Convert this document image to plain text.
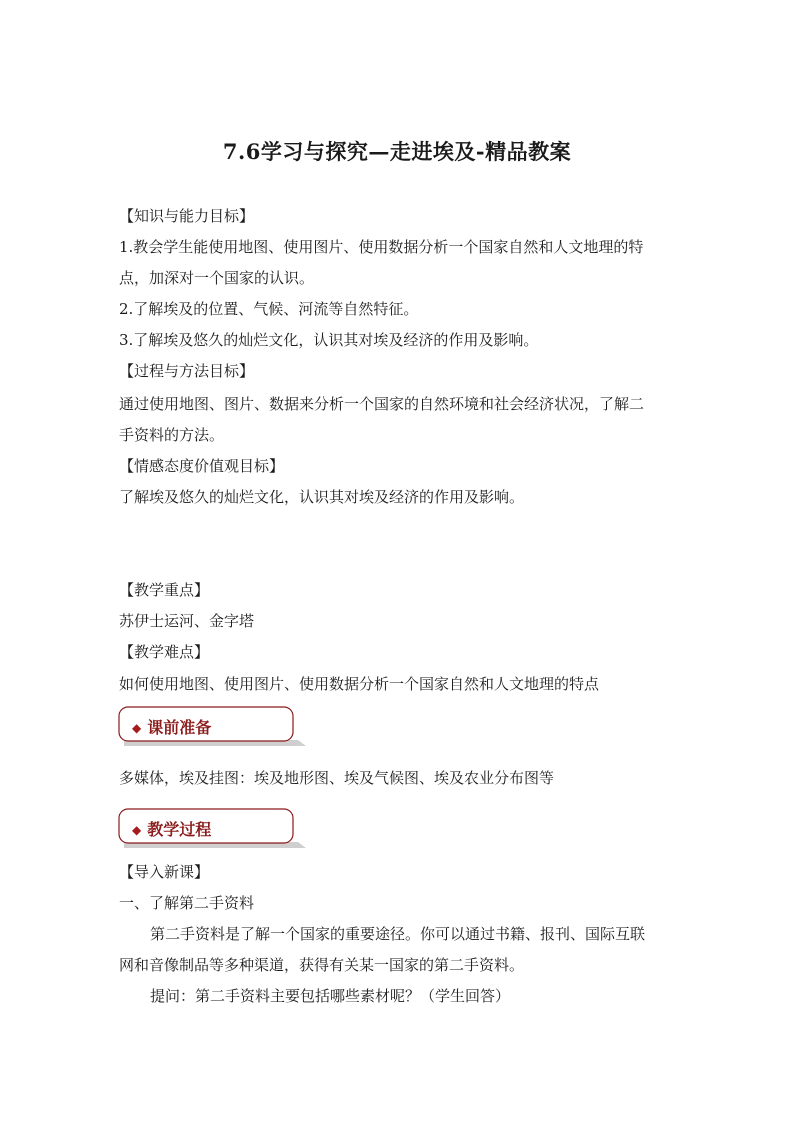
7.6学习与探究—走进埃及-精品教案
【知识与能力目标】
1.教会学生能使用地图、使用图片、使用数据分析一个国家自然和人文地理的特
点，加深对一个国家的认识。
2.了解埃及的位置、气候、河流等自然特征。
3.了解埃及悠久的灿烂文化，认识其对埃及经济的作用及影响。
【过程与方法目标】
通过使用地图、图片、数据来分析一个国家的自然环境和社会经济状况，了解二
手资料的方法。
【情感态度价值观目标】
了解埃及悠久的灿烂文化，认识其对埃及经济的作用及影响。
【教学重点】
苏伊士运河、金字塔
【教学难点】
如何使用地图、使用图片、使用数据分析一个国家自然和人文地理的特点
◆ 课前准备
多媒体，埃及挂图：埃及地形图、埃及气候图、埃及农业分布图等
◆ 教学过程
【导入新课】
一、了解第二手资料
第二手资料是了解一个国家的重要途径。你可以通过书籍、报刊、国际互联
网和音像制品等多种渠道，获得有关某一国家的第二手资料。
提问：第二手资料主要包括哪些素材呢？（学生回答）
